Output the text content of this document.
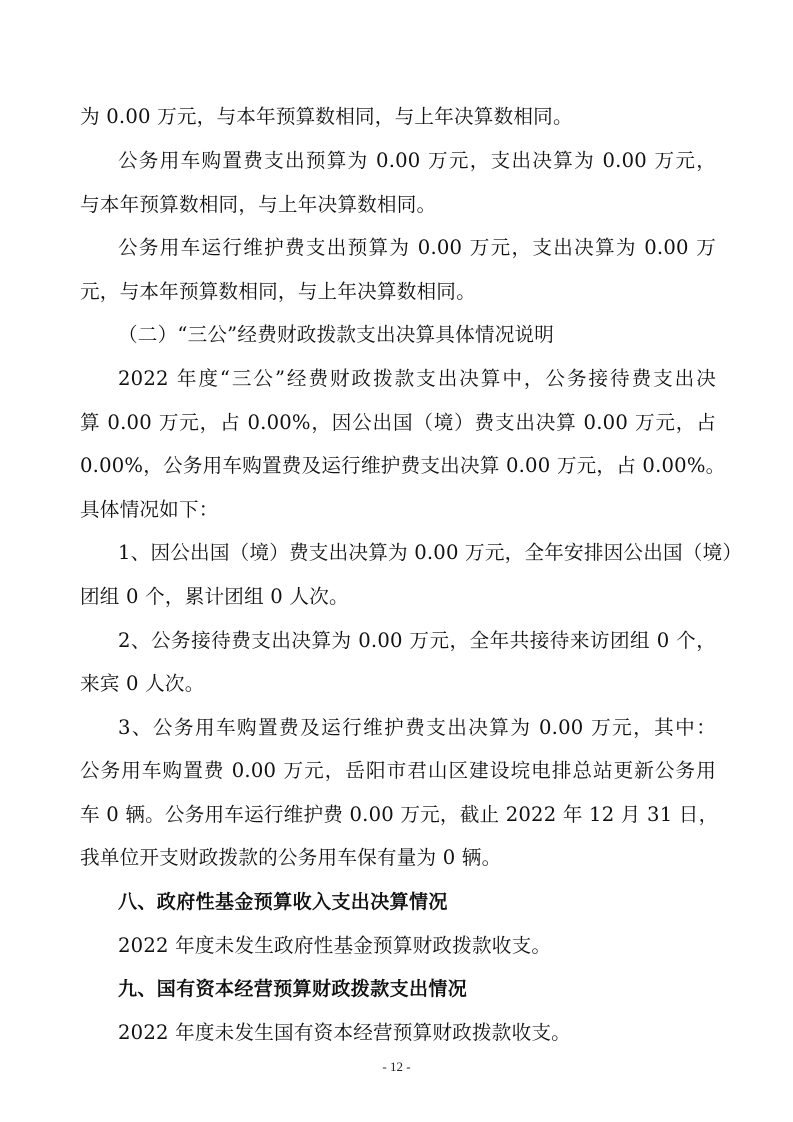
为 0.00 万元，与本年预算数相同，与上年决算数相同。
公务用车购置费支出预算为 0.00 万元，支出决算为 0.00 万元，
与本年预算数相同，与上年决算数相同。
公务用车运行维护费支出预算为 0.00 万元，支出决算为 0.00 万
元，与本年预算数相同，与上年决算数相同。
（二）“三公”经费财政拨款支出决算具体情况说明
2022 年度“三公”经费财政拨款支出决算中，公务接待费支出决
算 0.00 万元，占 0.00%，因公出国（境）费支出决算 0.00 万元，占
0.00%，公务用车购置费及运行维护费支出决算 0.00 万元，占 0.00%。
具体情况如下：
1、因公出国（境）费支出决算为 0.00 万元，全年安排因公出国（境）
团组 0 个，累计团组 0 人次。
2、公务接待费支出决算为 0.00 万元，全年共接待来访团组 0 个，
来宾 0 人次。
3、公务用车购置费及运行维护费支出决算为 0.00 万元，其中：
公务用车购置费 0.00 万元，岳阳市君山区建设垸电排总站更新公务用
车 0 辆。公务用车运行维护费 0.00 万元，截止 2022 年 12 月 31 日，
我单位开支财政拨款的公务用车保有量为 0 辆。
八、政府性基金预算收入支出决算情况
2022 年度未发生政府性基金预算财政拨款收支。
九、国有资本经营预算财政拨款支出情况
2022 年度未发生国有资本经营预算财政拨款收支。
- 12 -
